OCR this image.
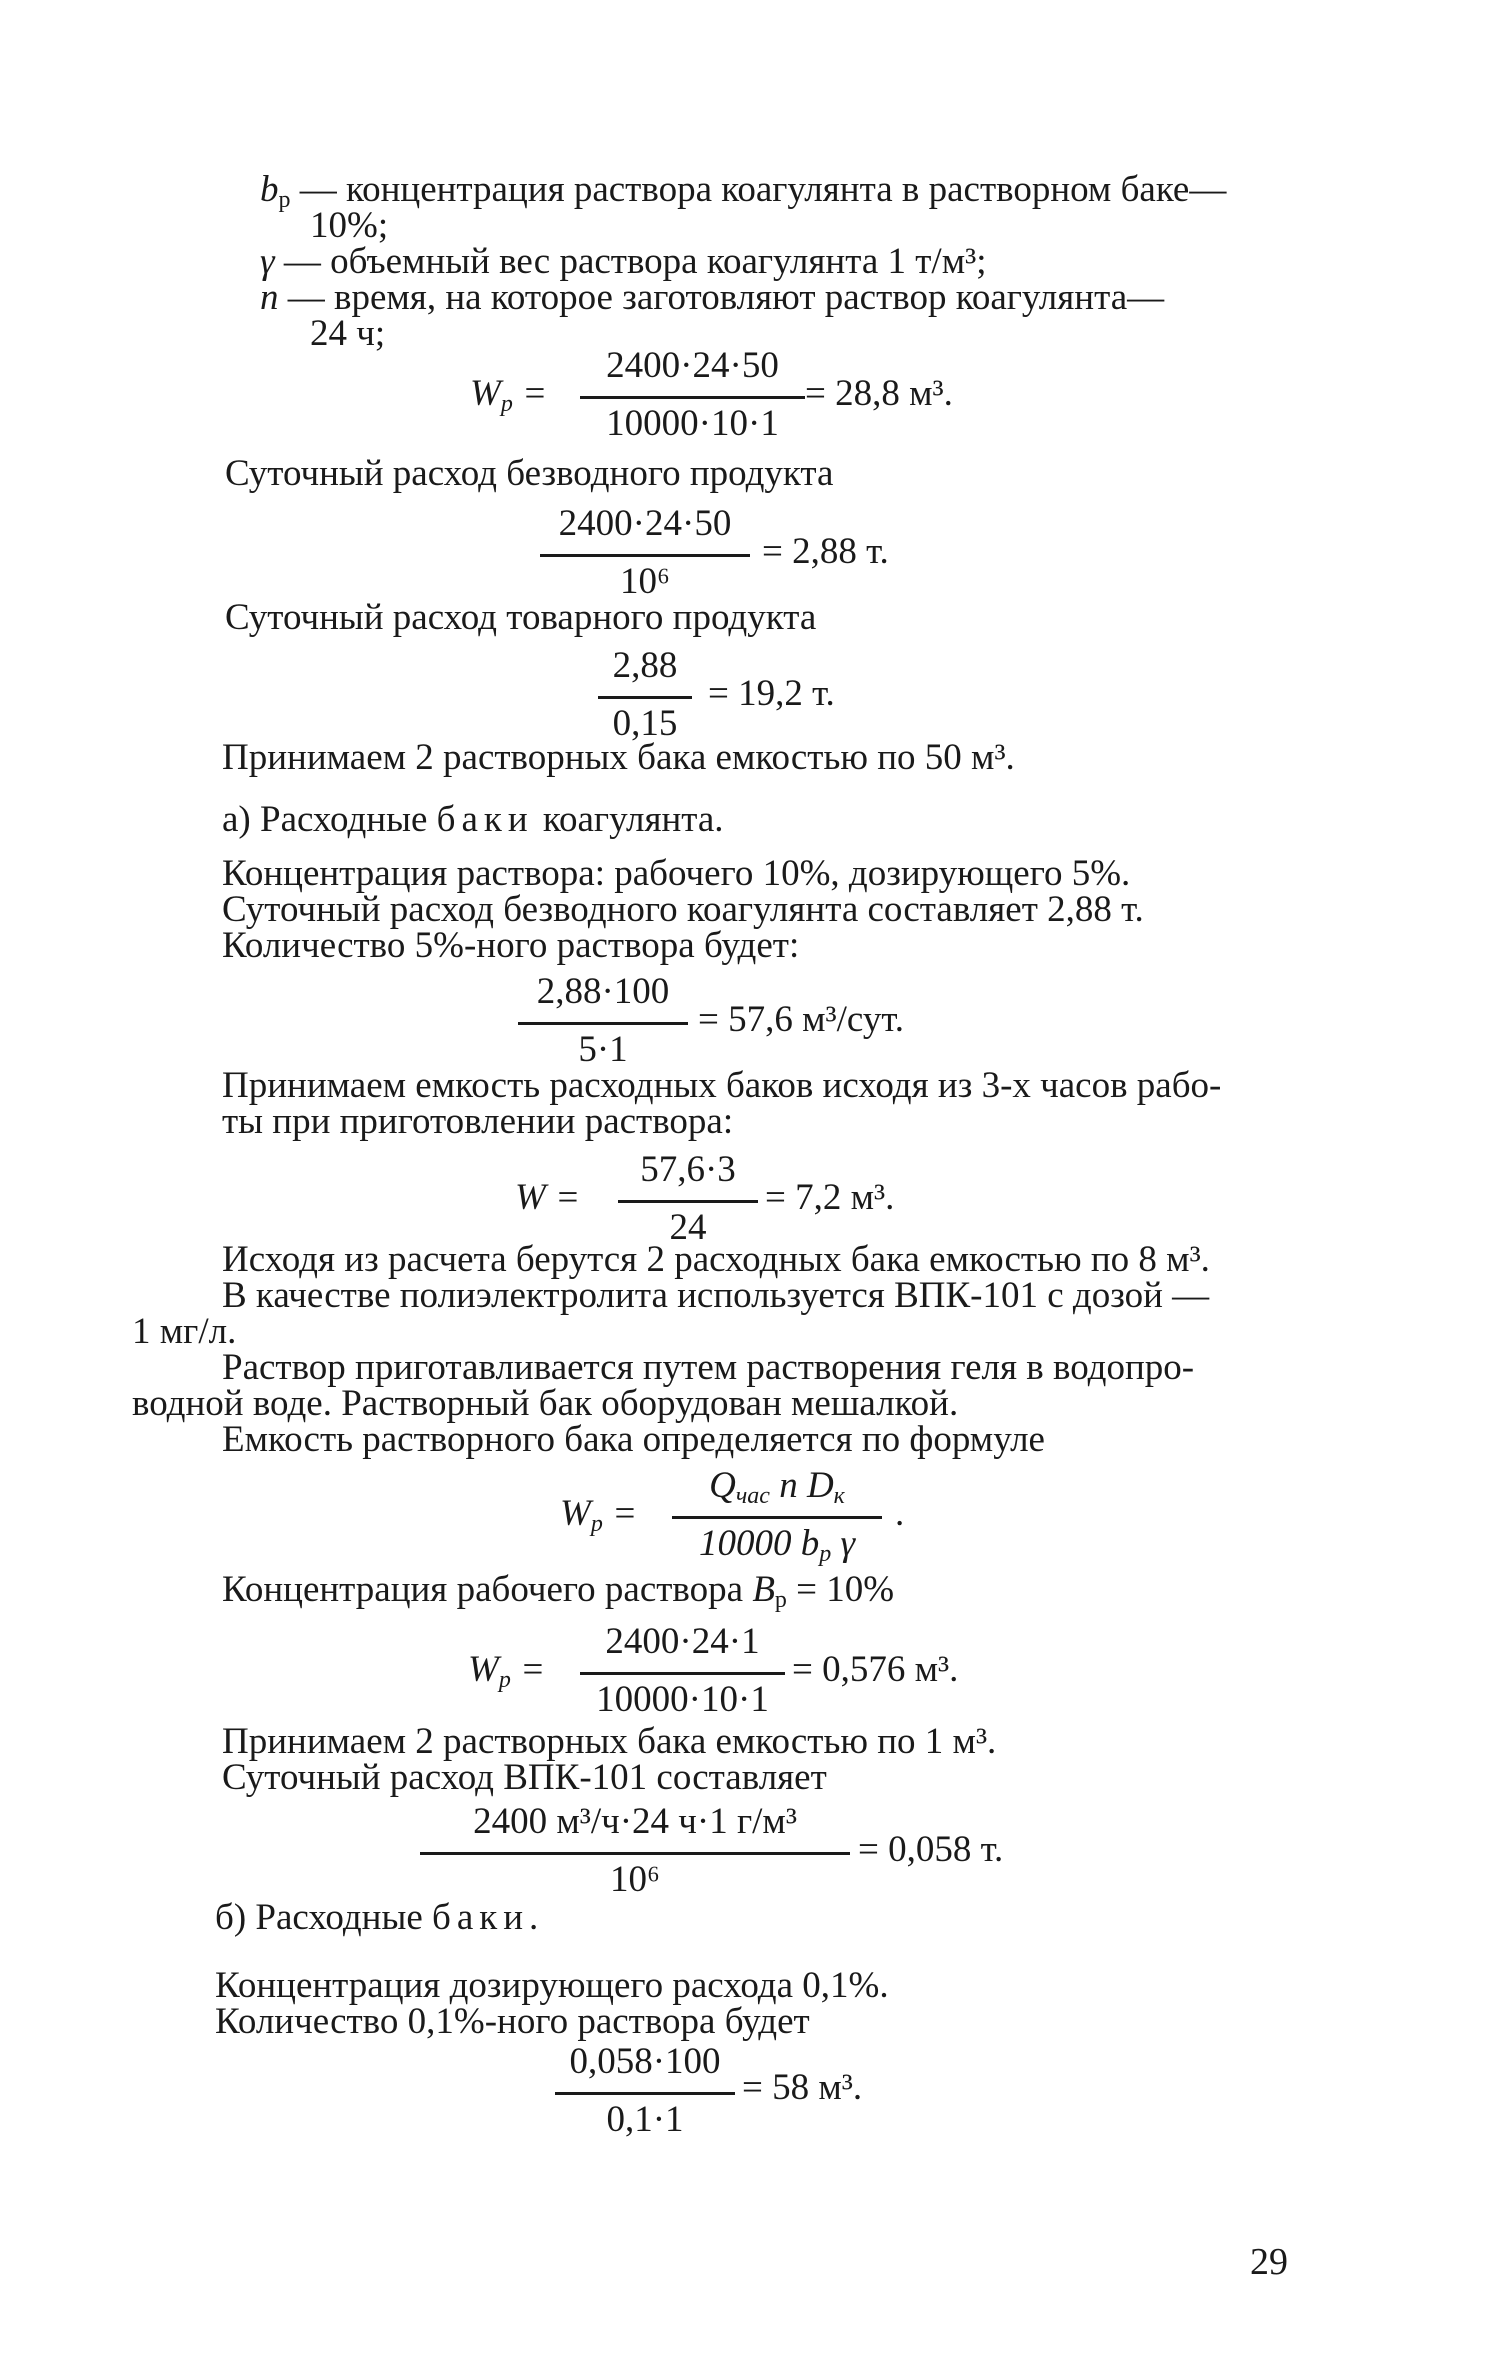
$b_р$ — концентрация раствора коагулянта в растворном баке—
10%;
γ — объемный вес раствора коагулянта 1 т/м³;
n — время, на которое заготовляют раствор коагулянта—
24 ч;
$W_р$ =
2400·24·50
10000·10·1
= 28,8 м³.
Суточный расход безводного продукта
2400·24·50
10⁶
= 2,88 т.
Суточный расход товарного продукта
2,88
0,15
= 19,2 т.
Принимаем 2 растворных бака емкостью по 50 м³.
а) Расходные баки коагулянта.
Концентрация раствора: рабочего 10%, дозирующего 5%.
Суточный расход безводного коагулянта составляет 2,88 т.
Количество 5%-ного раствора будет:
2,88·100
5·1
= 57,6 м³/сут.
Принимаем емкость расходных баков исходя из 3-х часов рабо-
ты при приготовлении раствора:
W =
57,6·3
24
= 7,2 м³.
Исходя из расчета берутся 2 расходных бака емкостью по 8 м³.
В качестве полиэлектролита используется ВПК-101 с дозой —
1 мг/л.
Раствор приготавливается путем растворения геля в водопро-
водной воде. Растворный бак оборудован мешалкой.
Емкость растворного бака определяется по формуле
$W_р$ =
$Q_{час}$ n $D_к$
10000 $b_р$ γ
.
Концентрация рабочего раствора $B_р = 10\%$
$W_р$ =
2400·24·1
10000·10·1
= 0,576 м³.
Принимаем 2 растворных бака емкостью по 1 м³.
Суточный расход ВПК-101 составляет
2400 м³/ч·24 ч·1 г/м³
10⁶
= 0,058 т.
б) Расходные баки.
Концентрация дозирующего расхода 0,1%.
Количество 0,1%-ного раствора будет
0,058·100
0,1·1
= 58 м³.
29
